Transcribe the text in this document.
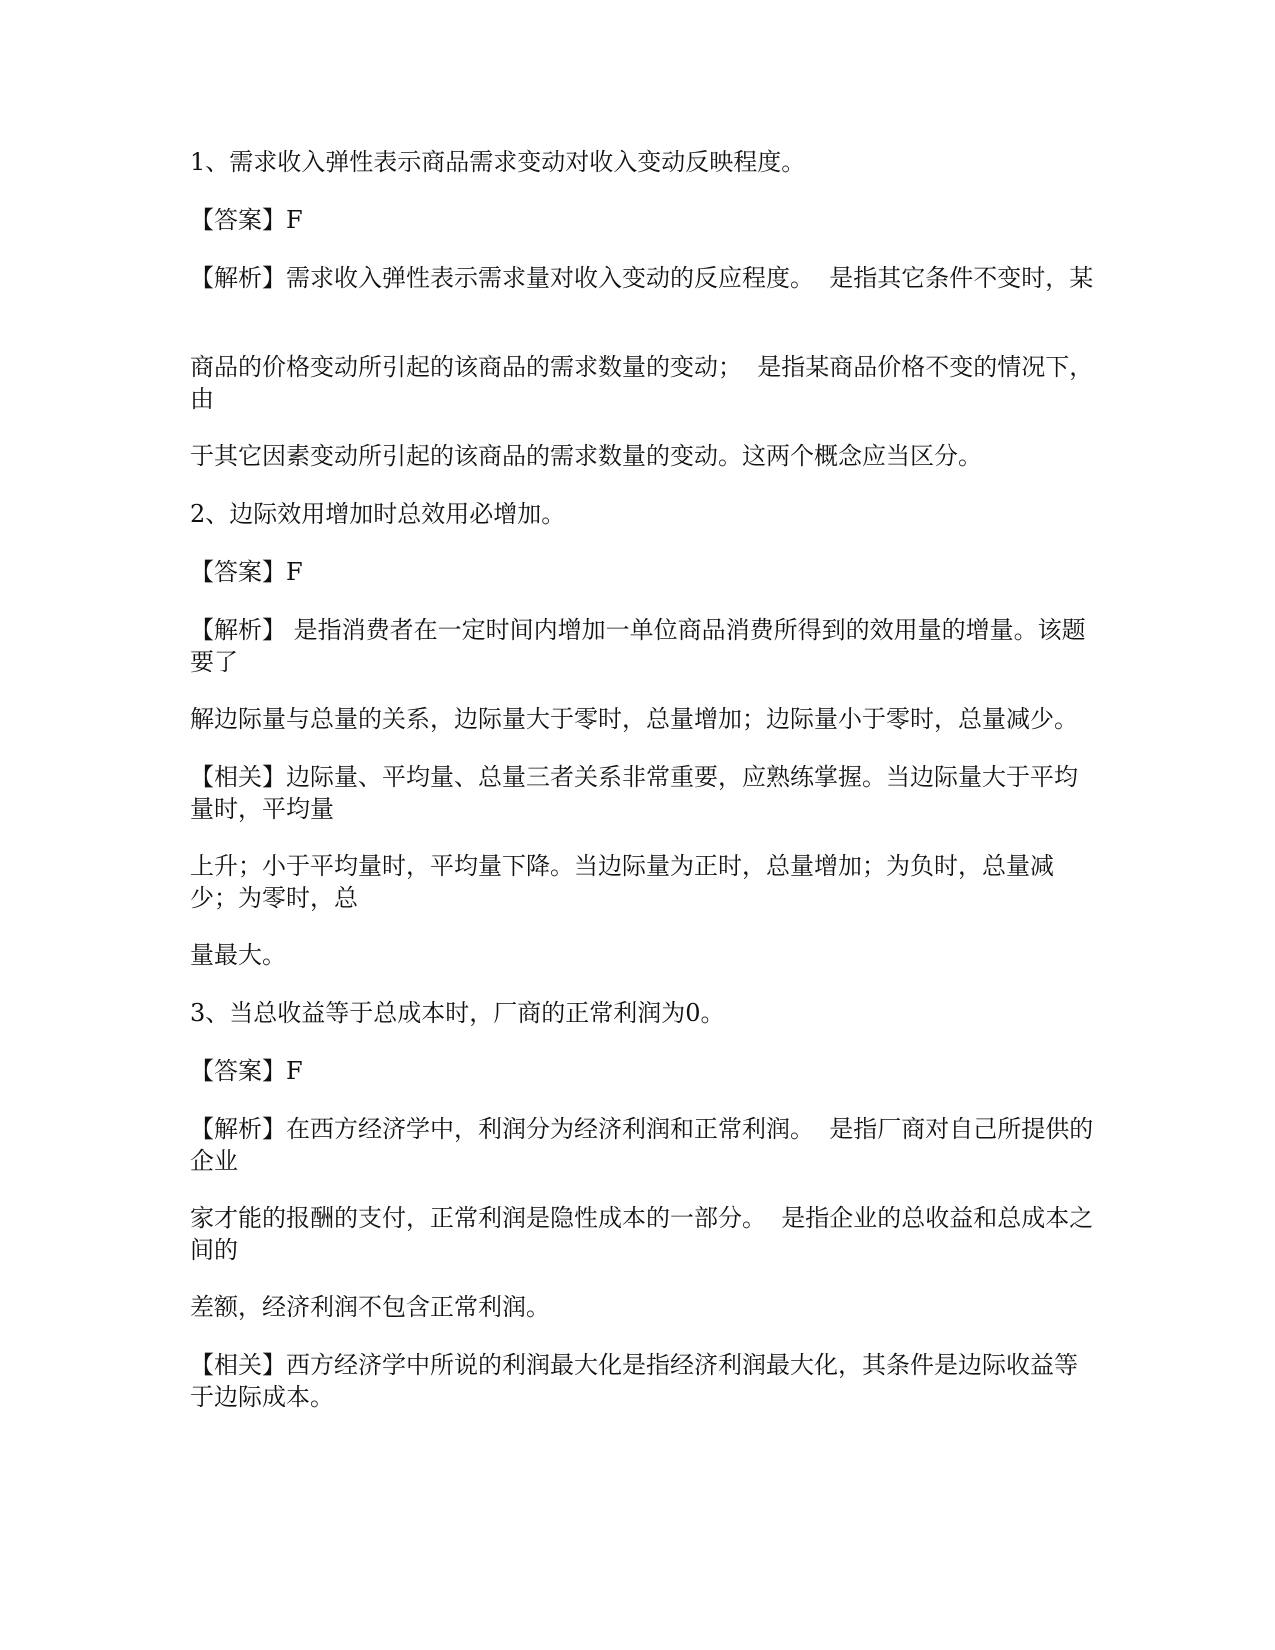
1、需求收入弹性表示商品需求变动对收入变动反映程度。

【答案】F

【解析】需求收入弹性表示需求量对收入变动的反应程度。  是指其它条件不变时，某

商品的价格变动所引起的该商品的需求数量的变动；  是指某商品价格不变的情况下，由

于其它因素变动所引起的该商品的需求数量的变动。这两个概念应当区分。

2、边际效用增加时总效用必增加。

【答案】F

【解析】 是指消费者在一定时间内增加一单位商品消费所得到的效用量的增量。该题要了

解边际量与总量的关系，边际量大于零时，总量增加；边际量小于零时，总量减少。

【相关】边际量、平均量、总量三者关系非常重要，应熟练掌握。当边际量大于平均量时，平均量

上升；小于平均量时，平均量下降。当边际量为正时，总量增加；为负时，总量减少；为零时，总

量最大。

3、当总收益等于总成本时，厂商的正常利润为0。

【答案】F

【解析】在西方经济学中，利润分为经济利润和正常利润。  是指厂商对自己所提供的企业

家才能的报酬的支付，正常利润是隐性成本的一部分。  是指企业的总收益和总成本之间的

差额，经济利润不包含正常利润。

【相关】西方经济学中所说的利润最大化是指经济利润最大化，其条件是边际收益等于边际成本。
